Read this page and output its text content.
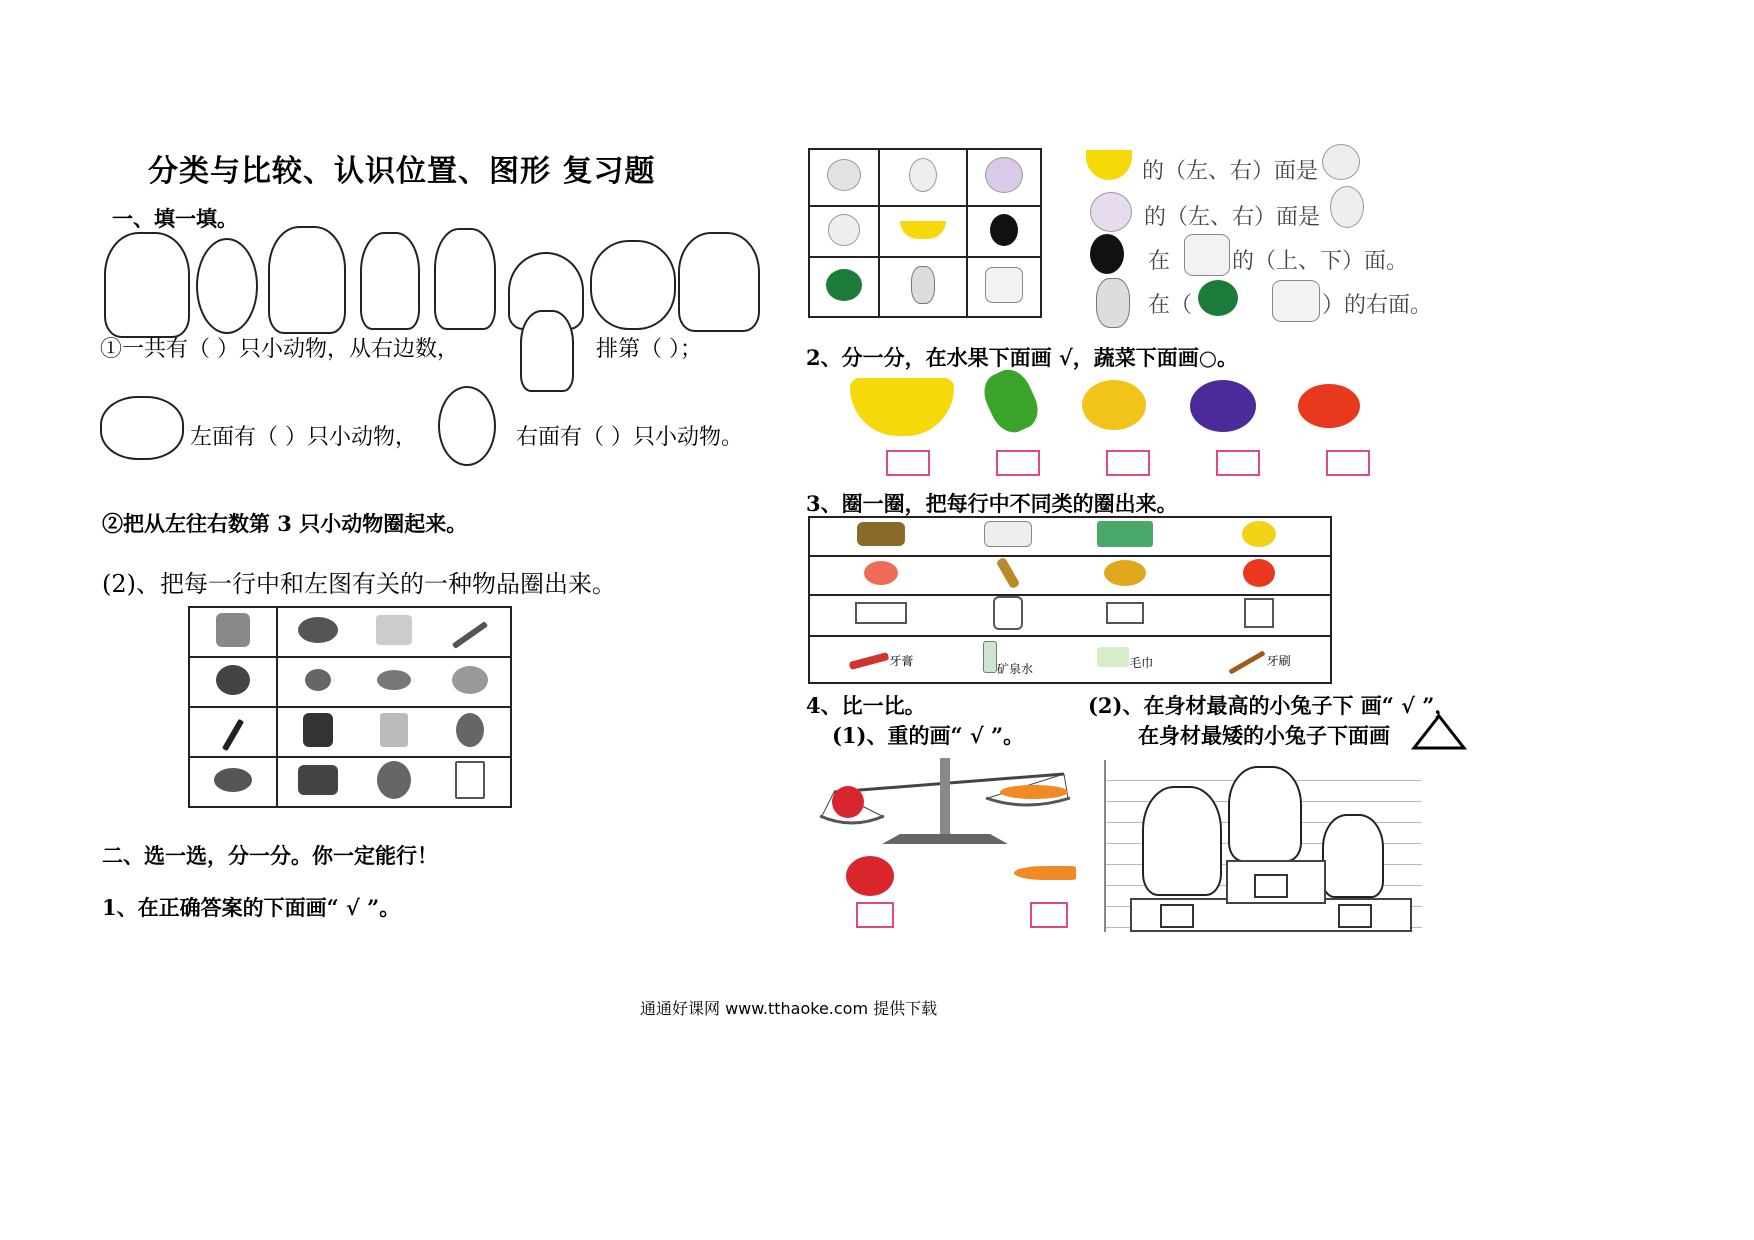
分类与比较、认识位置、图形 复习题
一、填一填。
①一共有（ ）只小动物，从右边数，	排第（ ）；
左面有（ ）只小动物，	右面有（ ）只小动物。
②把从左往右数第 3 只小动物圈起来。
(2)、把每一行中和左图有关的一种物品圈出来。

二、选一选，分一分。你一定能行！
1、在正确答案的下面画“ √ ”。

的（左、右）面是
的（左、右）面是
在	的（上、下）面。
在（	）的右面。
2、分一分，在水果下面画 √，蔬菜下面画○。
3、圈一圈，把每行中不同类的圈出来。

牙膏	矿泉水	毛巾	牙刷
4、比一比。	(2)、在身材最高的小兔子下 画“ √ ”，
(1)、重的画“ √ ”。	在身材最矮的小兔子下面画
通通好课网 www.tthaoke.com 提供下载
